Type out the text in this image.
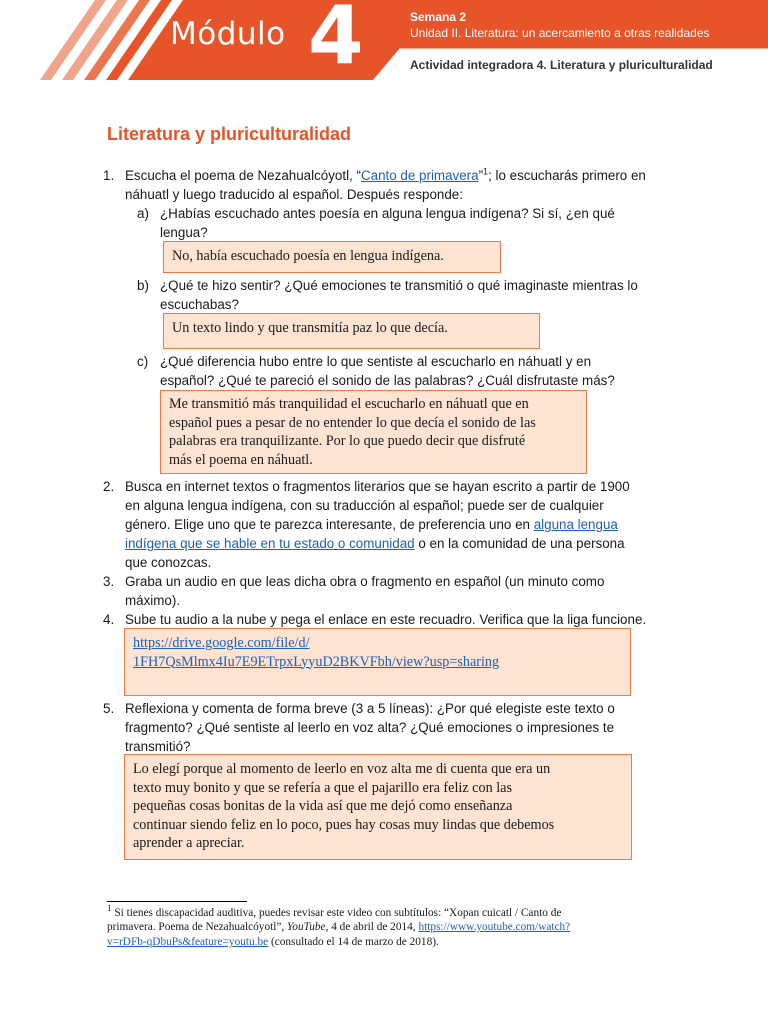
Módulo 4	Semana 2
Unidad II. Literatura: un acercamiento a otras realidades
Actividad integradora 4. Literatura y pluriculturalidad
Literatura y pluriculturalidad
1. Escucha el poema de Nezahualcóyotl, “Canto de primavera”$^1$; lo escucharás primero en
náhuatl y luego traducido al español. Después responde:
a) ¿Habías escuchado antes poesía en alguna lengua indígena? Si sí, ¿en qué
lengua?
No, había escuchado poesía en lengua indígena.
b) ¿Qué te hizo sentir? ¿Qué emociones te transmitió o qué imaginaste mientras lo
escuchabas?
Un texto lindo y que transmitía paz lo que decía.
c) ¿Qué diferencia hubo entre lo que sentiste al escucharlo en náhuatl y en
español? ¿Qué te pareció el sonido de las palabras? ¿Cuál disfrutaste más?
Me transmitió más tranquilidad el escucharlo en náhuatl que en
español pues a pesar de no entender lo que decía el sonido de las
palabras era tranquilizante. Por lo que puedo decir que disfruté
más el poema en náhuatl.
2. Busca en internet textos o fragmentos literarios que se hayan escrito a partir de 1900
en alguna lengua indígena, con su traducción al español; puede ser de cualquier
género. Elige uno que te parezca interesante, de preferencia uno en alguna lengua
indígena que se hable en tu estado o comunidad o en la comunidad de una persona
que conozcas.
3. Graba un audio en que leas dicha obra o fragmento en español (un minuto como
máximo).
4. Sube tu audio a la nube y pega el enlace en este recuadro. Verifica que la liga funcione.
https://drive.google.com/file/d/
1FH7QsMlmx4Iu7E9ETrpxLyyuD2BKVFbh/view?usp=sharing
5. Reflexiona y comenta de forma breve (3 a 5 líneas): ¿Por qué elegiste este texto o
fragmento? ¿Qué sentiste al leerlo en voz alta? ¿Qué emociones o impresiones te
transmitió?
Lo elegí porque al momento de leerlo en voz alta me di cuenta que era un
texto muy bonito y que se refería a que el pajarillo era feliz con las
pequeñas cosas bonitas de la vida así que me dejó como enseñanza
continuar siendo feliz en lo poco, pues hay cosas muy lindas que debemos
aprender a apreciar.
$^1$ Si tienes discapacidad auditiva, puedes revisar este video con subtítulos: “Xopan cuicatl / Canto de
primavera. Poema de Nezahualcóyotl”, YouTube, 4 de abril de 2014, https://www.youtube.com/watch?
v=rDFb-qDbuPs&feature=youtu.be (consultado el 14 de marzo de 2018).
